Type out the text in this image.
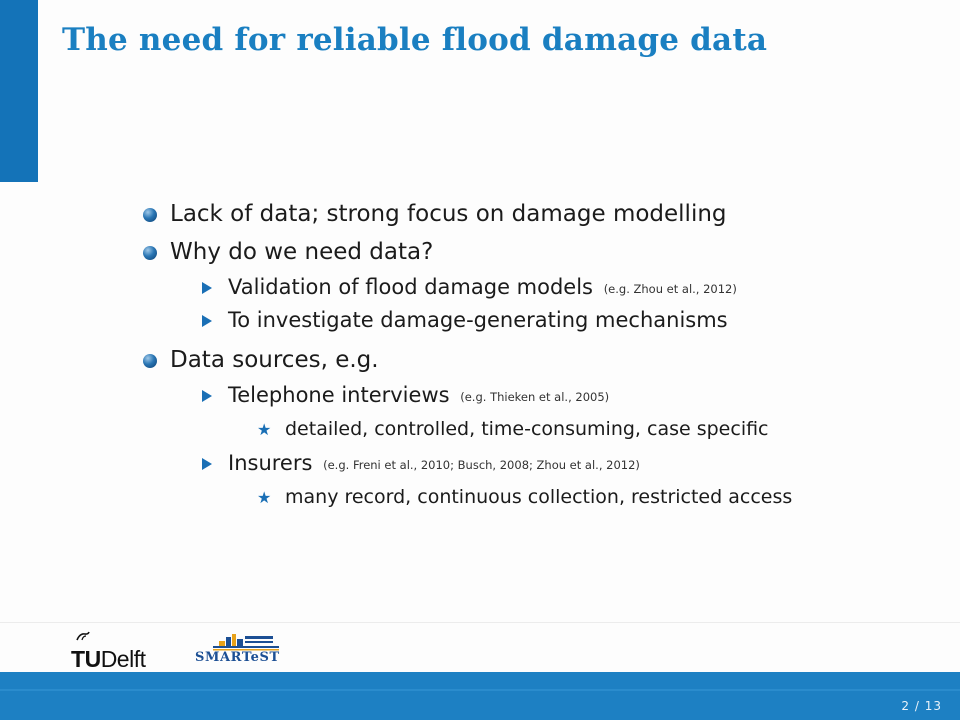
The need for reliable flood damage data
Lack of data; strong focus on damage modelling
Why do we need data?
Validation of flood damage models (e.g. Zhou et al., 2012)
To investigate damage-generating mechanisms
Data sources, e.g.
Telephone interviews (e.g. Thieken et al., 2005)
★ detailed, controlled, time-consuming, case specific
Insurers (e.g. Freni et al., 2010; Busch, 2008; Zhou et al., 2012)
★ many record, continuous collection, restricted access
TUDelft	SMARTeST
2 / 13
